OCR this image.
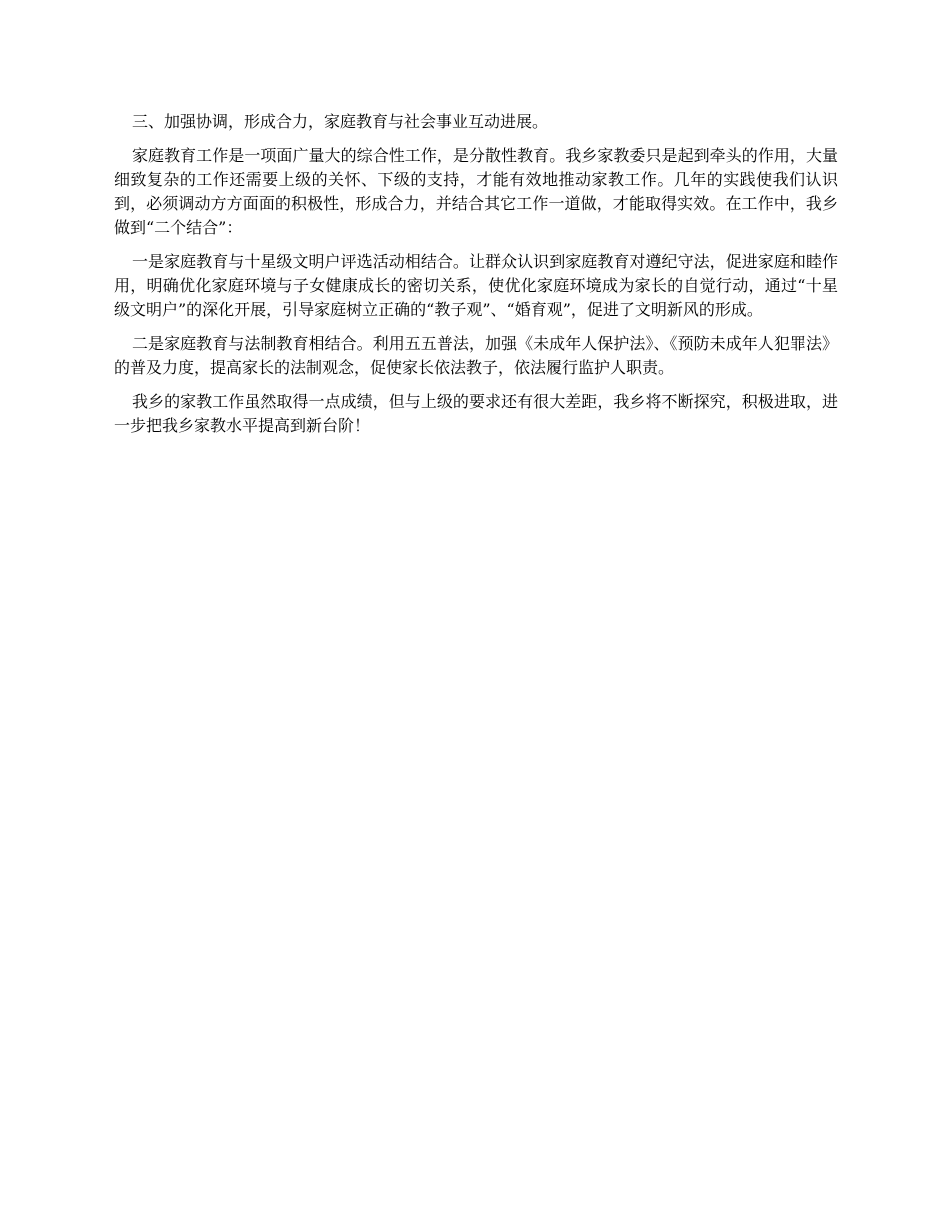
三、加强协调，形成合力，家庭教育与社会事业互动进展。

家庭教育工作是一项面广量大的综合性工作，是分散性教育。我乡家教委只是起到牵头的作用，大量细致复杂的工作还需要上级的关怀、下级的支持，才能有效地推动家教工作。几年的实践使我们认识到，必须调动方方面面的积极性，形成合力，并结合其它工作一道做，才能取得实效。在工作中，我乡做到“二个结合”：

一是家庭教育与十星级文明户评选活动相结合。让群众认识到家庭教育对遵纪守法，促进家庭和睦作用，明确优化家庭环境与子女健康成长的密切关系，使优化家庭环境成为家长的自觉行动，通过“十星级文明户”的深化开展，引导家庭树立正确的“教子观”、“婚育观”，促进了文明新风的形成。

二是家庭教育与法制教育相结合。利用五五普法，加强《未成年人保护法》、《预防未成年人犯罪法》的普及力度，提高家长的法制观念，促使家长依法教子，依法履行监护人职责。

我乡的家教工作虽然取得一点成绩，但与上级的要求还有很大差距，我乡将不断探究，积极进取，进一步把我乡家教水平提高到新台阶！
